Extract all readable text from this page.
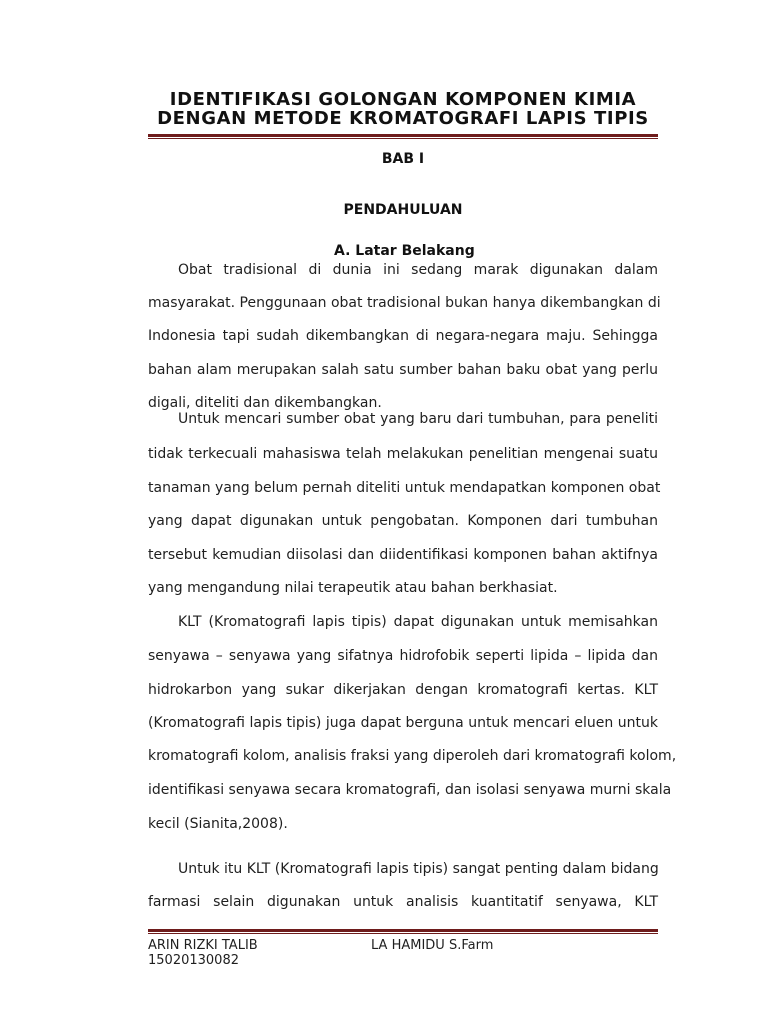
IDENTIFIKASI GOLONGAN KOMPONEN KIMIA
DENGAN METODE KROMATOGRAFI LAPIS TIPIS
BAB I
PENDAHULUAN
A. Latar Belakang
Obat tradisional di dunia ini sedang marak digunakan dalam
masyarakat. Penggunaan obat tradisional bukan hanya dikembangkan di
Indonesia tapi sudah dikembangkan di negara-negara maju. Sehingga
bahan alam merupakan salah satu sumber bahan baku obat yang perlu
digali, diteliti dan dikembangkan.
Untuk mencari sumber obat yang baru dari tumbuhan, para peneliti
tidak terkecuali mahasiswa telah melakukan penelitian mengenai suatu
tanaman yang belum pernah diteliti untuk mendapatkan komponen obat
yang dapat digunakan untuk pengobatan. Komponen dari tumbuhan
tersebut kemudian diisolasi dan diidentifikasi komponen bahan aktifnya
yang mengandung nilai terapeutik atau bahan berkhasiat.
KLT (Kromatografi lapis tipis) dapat digunakan untuk memisahkan
senyawa – senyawa yang sifatnya hidrofobik seperti lipida – lipida dan
hidrokarbon yang sukar dikerjakan dengan kromatografi kertas. KLT
(Kromatografi lapis tipis) juga dapat berguna untuk mencari eluen untuk
kromatografi kolom, analisis fraksi yang diperoleh dari kromatografi kolom,
identifikasi senyawa secara kromatografi, dan isolasi senyawa murni skala
kecil (Sianita,2008).
Untuk itu KLT (Kromatografi lapis tipis) sangat penting dalam bidang
farmasi selain digunakan untuk analisis kuantitatif senyawa, KLT
ARIN RIZKI TALIB
15020130082
LA HAMIDU S.Farm
